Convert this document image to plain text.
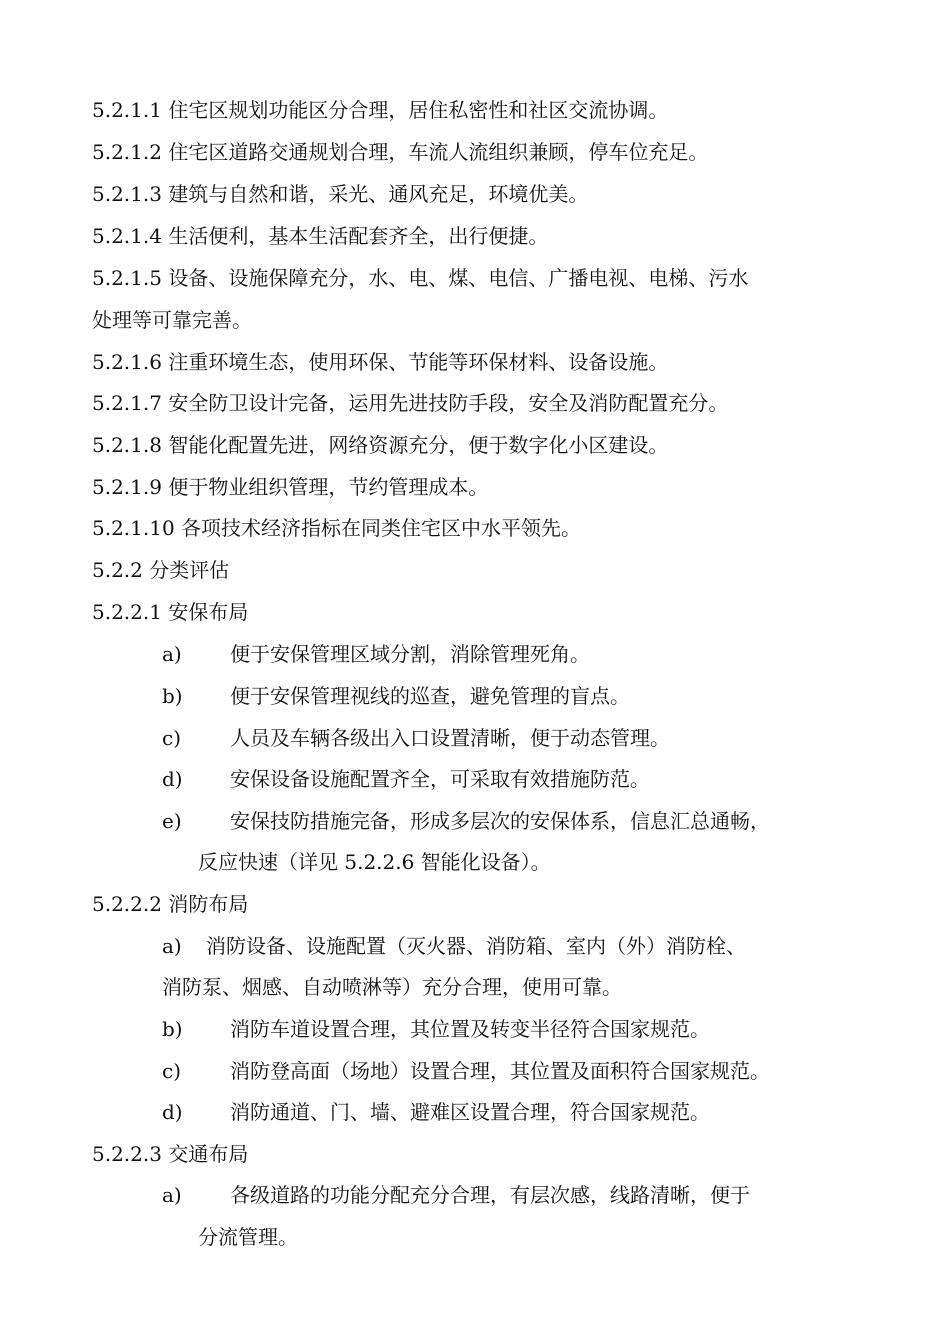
5.2.1.1 住宅区规划功能区分合理，居住私密性和社区交流协调。
5.2.1.2 住宅区道路交通规划合理，车流人流组织兼顾，停车位充足。
5.2.1.3 建筑与自然和谐，采光、通风充足，环境优美。
5.2.1.4 生活便利，基本生活配套齐全，出行便捷。
5.2.1.5 设备、设施保障充分，水、电、煤、电信、广播电视、电梯、污水
处理等可靠完善。
5.2.1.6 注重环境生态，使用环保、节能等环保材料、设备设施。
5.2.1.7 安全防卫设计完备，运用先进技防手段，安全及消防配置充分。
5.2.1.8 智能化配置先进，网络资源充分，便于数字化小区建设。
5.2.1.9 便于物业组织管理，节约管理成本。
5.2.1.10 各项技术经济指标在同类住宅区中水平领先。
5.2.2 分类评估
5.2.2.1 安保布局
a) 便于安保管理区域分割，消除管理死角。
b) 便于安保管理视线的巡查，避免管理的盲点。
c) 人员及车辆各级出入口设置清晰，便于动态管理。
d) 安保设备设施配置齐全，可采取有效措施防范。
e) 安保技防措施完备，形成多层次的安保体系，信息汇总通畅，
反应快速（详见 5.2.2.6 智能化设备）。
5.2.2.2 消防布局
a) 消防设备、设施配置（灭火器、消防箱、室内（外）消防栓、
消防泵、烟感、自动喷淋等）充分合理，使用可靠。
b) 消防车道设置合理，其位置及转变半径符合国家规范。
c) 消防登高面（场地）设置合理，其位置及面积符合国家规范。
d) 消防通道、门、墙、避难区设置合理，符合国家规范。
5.2.2.3 交通布局
a) 各级道路的功能分配充分合理，有层次感，线路清晰，便于
分流管理。
